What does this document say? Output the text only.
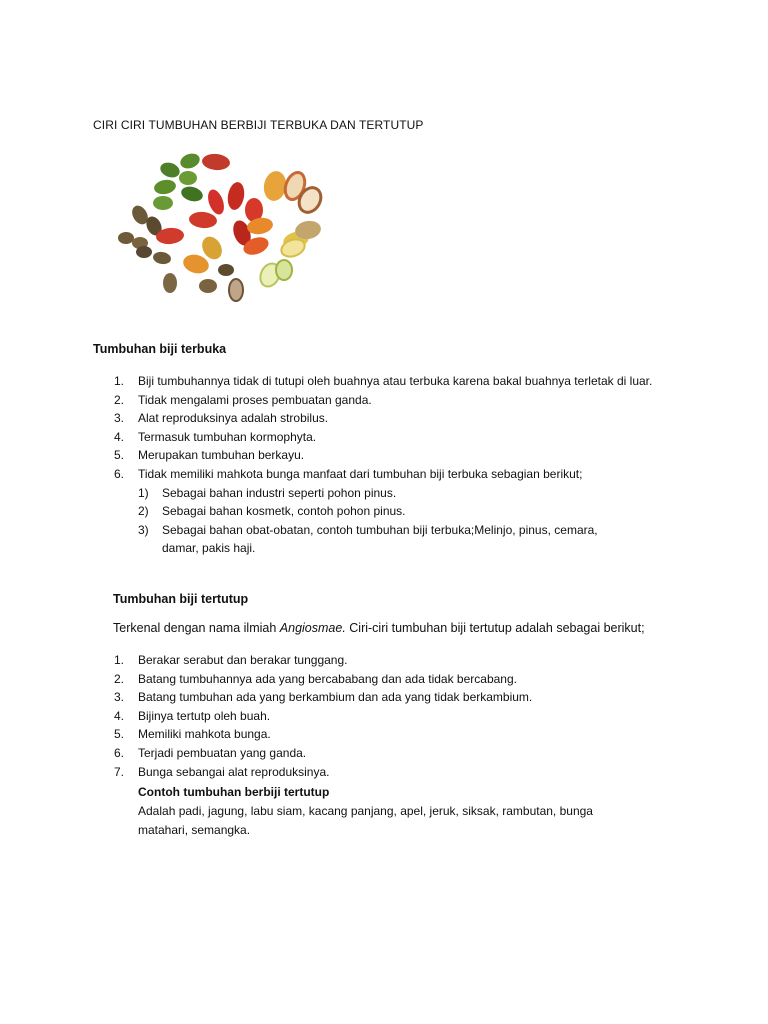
CIRI CIRI TUMBUHAN BERBIJI TERBUKA DAN TERTUTUP
Tumbuhan biji terbuka
1. Biji tumbuhannya tidak di tutupi oleh buahnya atau terbuka karena bakal buahnya terletak di luar.
2. Tidak mengalami proses pembuatan ganda.
3. Alat reproduksinya adalah strobilus.
4. Termasuk tumbuhan kormophyta.
5. Merupakan tumbuhan berkayu.
6. Tidak memiliki mahkota bunga manfaat dari tumbuhan biji terbuka sebagian berikut;
1) Sebagai bahan industri seperti pohon pinus.
2) Sebagai bahan kosmetk, contoh pohon pinus.
3) Sebagai bahan obat-obatan, contoh tumbuhan biji terbuka;Melinjo, pinus, cemara, damar, pakis haji.
Tumbuhan biji tertutup
Terkenal dengan nama ilmiah Angiosmae. Ciri-ciri tumbuhan biji tertutup adalah sebagai berikut;
1. Berakar serabut dan berakar tunggang.
2. Batang tumbuhannya ada yang bercababang dan ada tidak bercabang.
3. Batang tumbuhan ada yang berkambium dan ada yang tidak berkambium.
4. Bijinya tertutp oleh buah.
5. Memiliki mahkota bunga.
6. Terjadi pembuatan yang ganda.
7. Bunga sebangai alat reproduksinya.
Contoh tumbuhan berbiji tertutup
Adalah padi, jagung, labu siam, kacang panjang, apel, jeruk, siksak, rambutan, bunga matahari, semangka.
